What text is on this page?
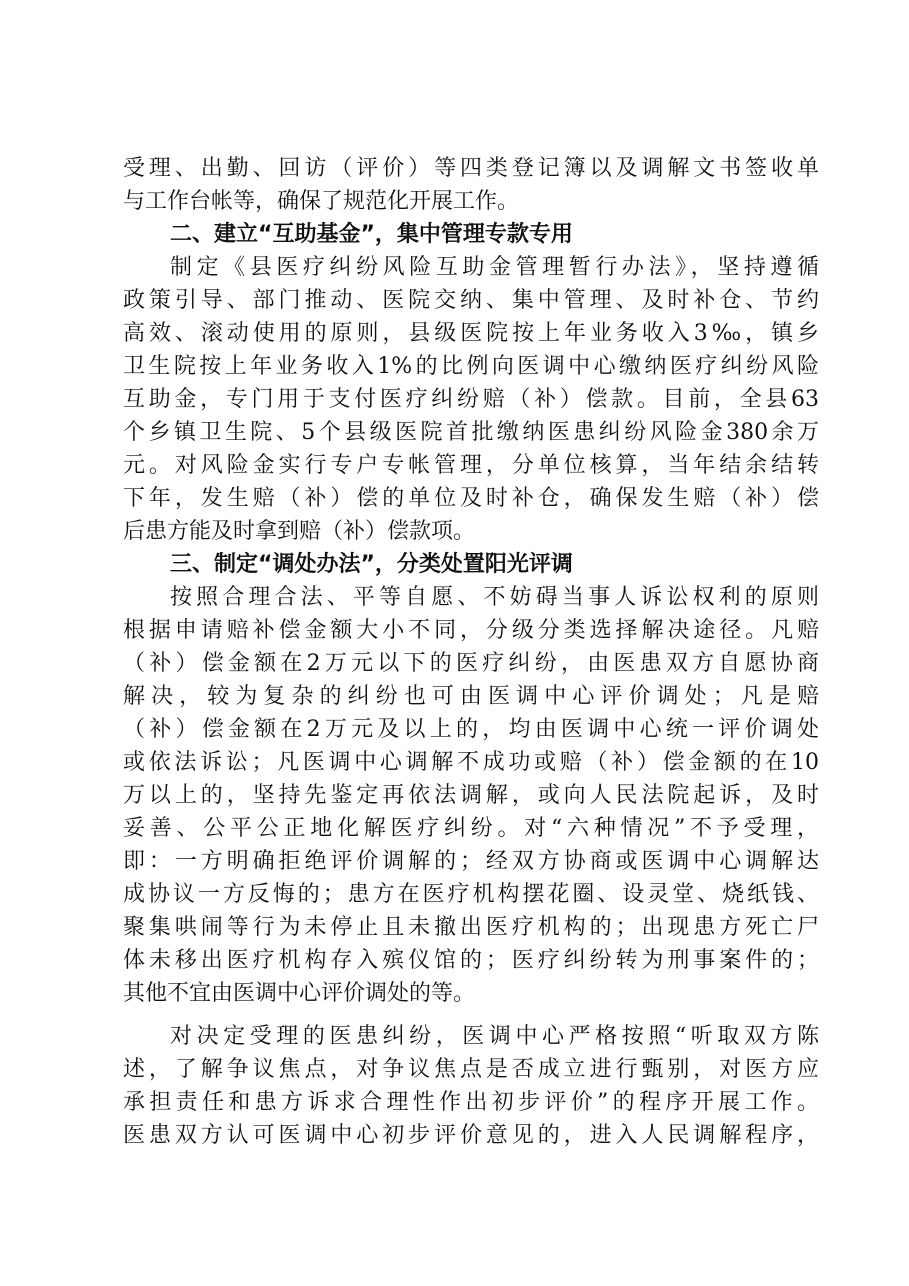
受理、出勤、回访（评价）等四类登记簿以及调解文书签收单
与工作台帐等，确保了规范化开展工作。
二、建立“互助基金”，集中管理专款专用
制定《县医疗纠纷风险互助金管理暂行办法》，坚持遵循
政策引导、部门推动、医院交纳、集中管理、及时补仓、节约
高效、滚动使用的原则，县级医院按上年业务收入3‰，镇乡
卫生院按上年业务收入1%的比例向医调中心缴纳医疗纠纷风险
互助金，专门用于支付医疗纠纷赔（补）偿款。目前，全县63
个乡镇卫生院、5个县级医院首批缴纳医患纠纷风险金380余万
元。对风险金实行专户专帐管理，分单位核算，当年结余结转
下年，发生赔（补）偿的单位及时补仓，确保发生赔（补）偿
后患方能及时拿到赔（补）偿款项。
三、制定“调处办法”，分类处置阳光评调
按照合理合法、平等自愿、不妨碍当事人诉讼权利的原则
根据申请赔补偿金额大小不同，分级分类选择解决途径。凡赔
（补）偿金额在2万元以下的医疗纠纷，由医患双方自愿协商
解决，较为复杂的纠纷也可由医调中心评价调处；凡是赔
（补）偿金额在2万元及以上的，均由医调中心统一评价调处
或依法诉讼；凡医调中心调解不成功或赔（补）偿金额的在10
万以上的，坚持先鉴定再依法调解，或向人民法院起诉，及时
妥善、公平公正地化解医疗纠纷。对“六种情况”不予受理，
即：一方明确拒绝评价调解的；经双方协商或医调中心调解达
成协议一方反悔的；患方在医疗机构摆花圈、设灵堂、烧纸钱、
聚集哄闹等行为未停止且未撤出医疗机构的；出现患方死亡尸
体未移出医疗机构存入殡仪馆的；医疗纠纷转为刑事案件的；
其他不宜由医调中心评价调处的等。
对决定受理的医患纠纷，医调中心严格按照“听取双方陈
述，了解争议焦点，对争议焦点是否成立进行甄别，对医方应
承担责任和患方诉求合理性作出初步评价”的程序开展工作。
医患双方认可医调中心初步评价意见的，进入人民调解程序，
